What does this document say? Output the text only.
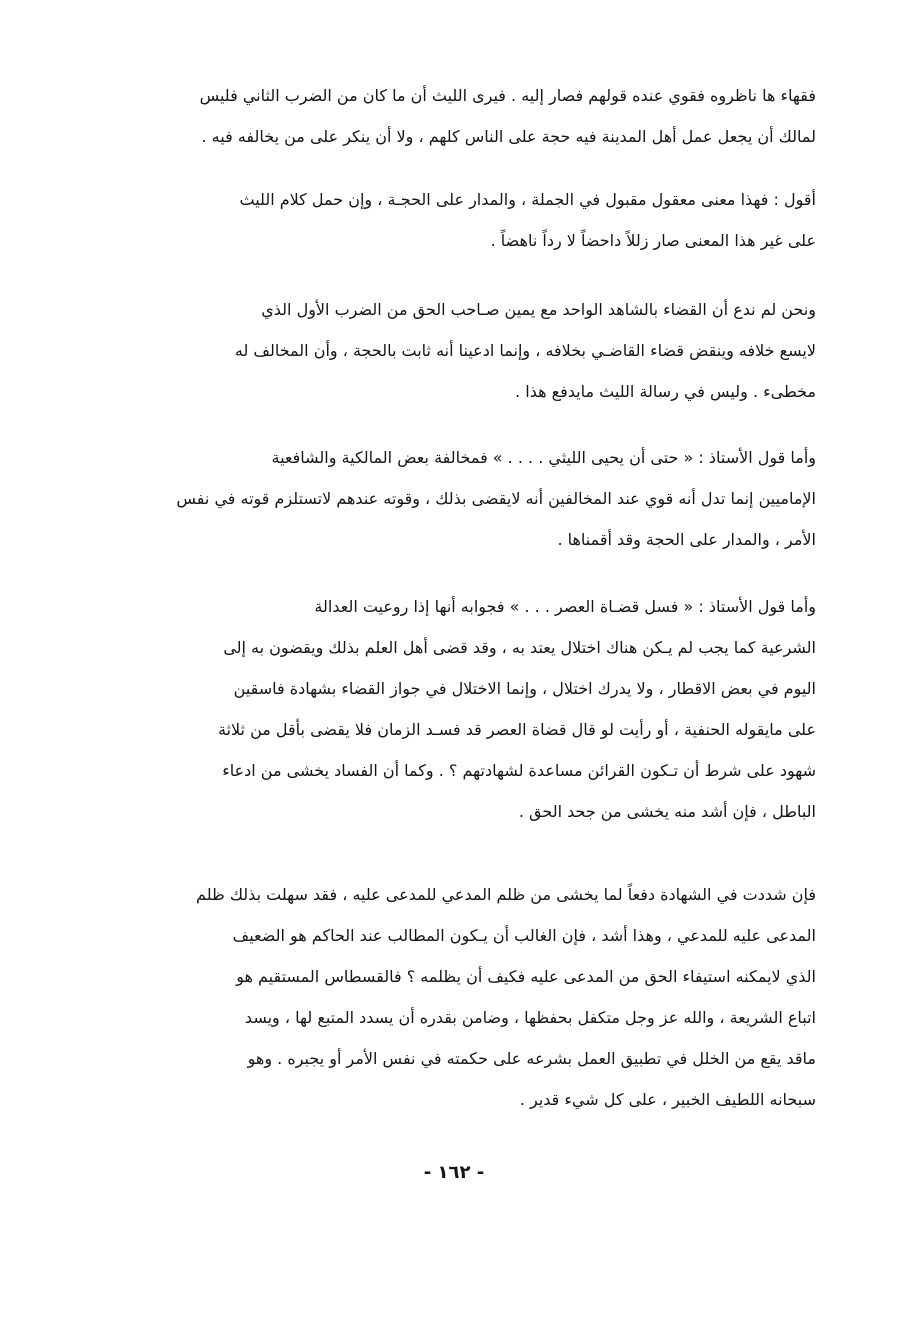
فقهاء ها ناظروه فقوي عنده قولهم فصار إليه . فيرى الليث أن ما كان من الضرب الثاني فليس
لمالك أن يجعل عمل أهل المدينة فيه حجة على الناس كلهم ، ولا أن ينكر على من يخالفه فيه .
أقول : فهذا معنى معقول مقبول في الجملة ، والمدار على الحجـة ، وإن حمل كلام الليث
على غير هذا المعنى صار زللاً داحضاً لا رداً ناهضاً .
ونحن لم ندع أن القضاء بالشاهد الواحد مع يمين صـاحب الحق من الضرب الأول الذي
لايسع خلافه وينقض قضاء القاضـي بخلافه ، وإنما ادعينا أنه ثابت بالحجة ، وأن المخالف له
مخطىء . وليس في رسالة الليث مايدفع هذا .
وأما قول الأستاذ : « حتى أن يحيى الليثي . . . . » فمخالفة بعض المالكية والشافعية
الإماميين إنما تدل أنه قوي عند المخالفين أنه لايقضى بذلك ، وقوته عندهم لاتستلزم قوته في نفس
الأمر ، والمدار على الحجة وقد أقمناها .
وأما قول الأستاذ : « فسل قضـاة العصر . . . » فجوابه أنها إذا روعيت العدالة
الشرعية كما يجب لم يـكن هناك اختلال يعتد به ، وقد قضى أهل العلم بذلك ويقضون به إلى
اليوم في بعض الاقطار ، ولا يدرك اختلال ، وإنما الاختلال في جواز القضاء بشهادة فاسقين
على مايقوله الحنفية ، أو رأيت لو قال قضاة العصر قد فسـد الزمان فلا يقضى بأقل من ثلاثة
شهود على شرط أن تـكون القرائن مساعدة لشهادتهم ؟ . وكما أن الفساد يخشى من ادعاء
الباطل ، فإن أشد منه يخشى من جحد الحق .
فإن شددت في الشهادة دفعاً لما يخشى من ظلم المدعي للمدعى عليه ، فقد سهلت بذلك ظلم
المدعى عليه للمدعي ، وهذا أشد ، فإن الغالب أن يـكون المطالب عند الحاكم هو الضعيف
الذي لايمكنه استيفاء الحق من المدعى عليه فكيف أن يظلمه ؟ فالقسطاس المستقيم هو
اتباع الشريعة ، والله عز وجل متكفل بحفظها ، وضامن بقدره أن يسدد المتبع لها ، ويسد
ماقد يقع من الخلل في تطبيق العمل بشرعه على حكمته في نفس الأمر أو يجبره . وهو
سبحانه اللطيف الخبير ، على كل شيء قدير .
- ١٦٢ -
